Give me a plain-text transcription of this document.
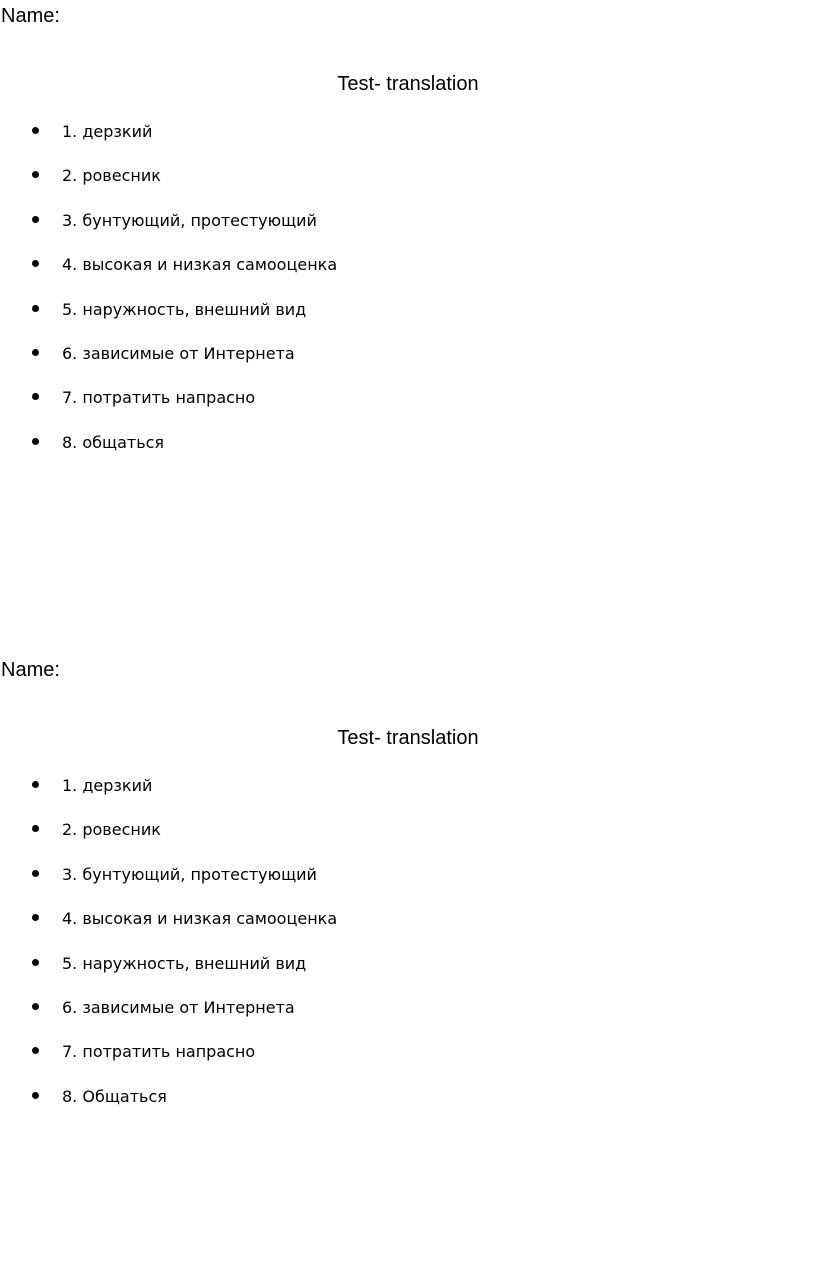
Name:
Test- translation
1. дерзкий
2. ровесник
3. бунтующий, протестующий
4. высокая и низкая самооценка
5. наружность, внешний вид
6. зависимые от Интернета
7. потратить напрасно
8. общаться
Name:
Test- translation
1. дерзкий
2. ровесник
3. бунтующий, протестующий
4. высокая и низкая самооценка
5. наружность, внешний вид
6. зависимые от Интернета
7. потратить напрасно
8. Общаться
